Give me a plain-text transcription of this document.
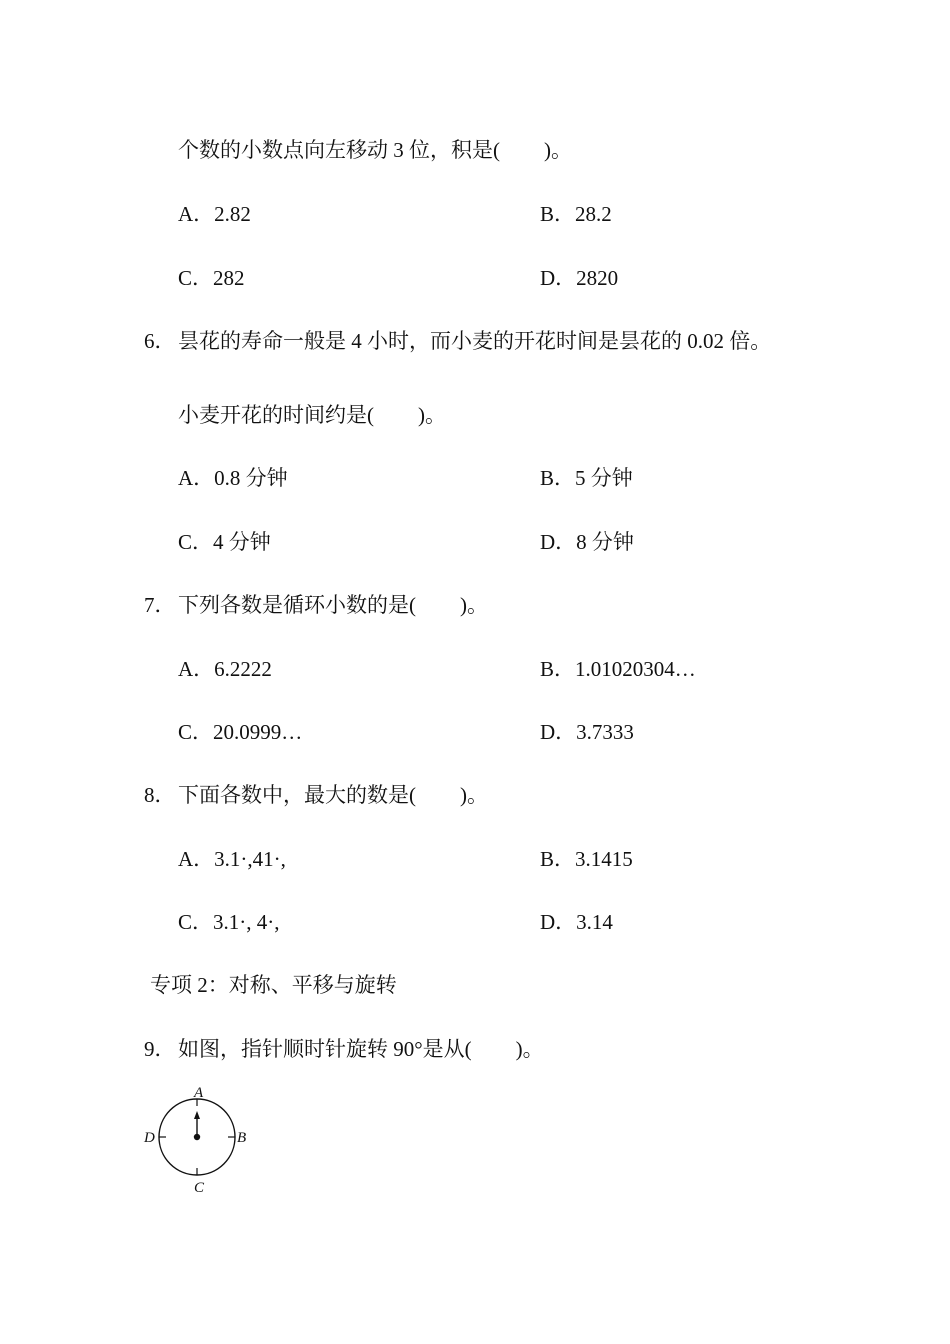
个数的小数点向左移动 3 位，积是( )。
A．2.82	B．28.2
C．282	D．2820
6． 昙花的寿命一般是 4 小时，而小麦的开花时间是昙花的 0.02 倍。
小麦开花的时间约是( )。
A．0.8 分钟	B．5 分钟
C．4 分钟	D．8 分钟
7． 下列各数是循环小数的是( )。
A．6.2222	B．1.01020304…
C．20.0999…	D．3.7333
8． 下面各数中，最大的数是( )。
A．3.1·,41·,	B．3.1415
C．3.1·, 4·,	D．3.14
专项 2：对称、平移与旋转
9． 如图，指针顺时针旋转 90°是从( )。
A
B
C
D
